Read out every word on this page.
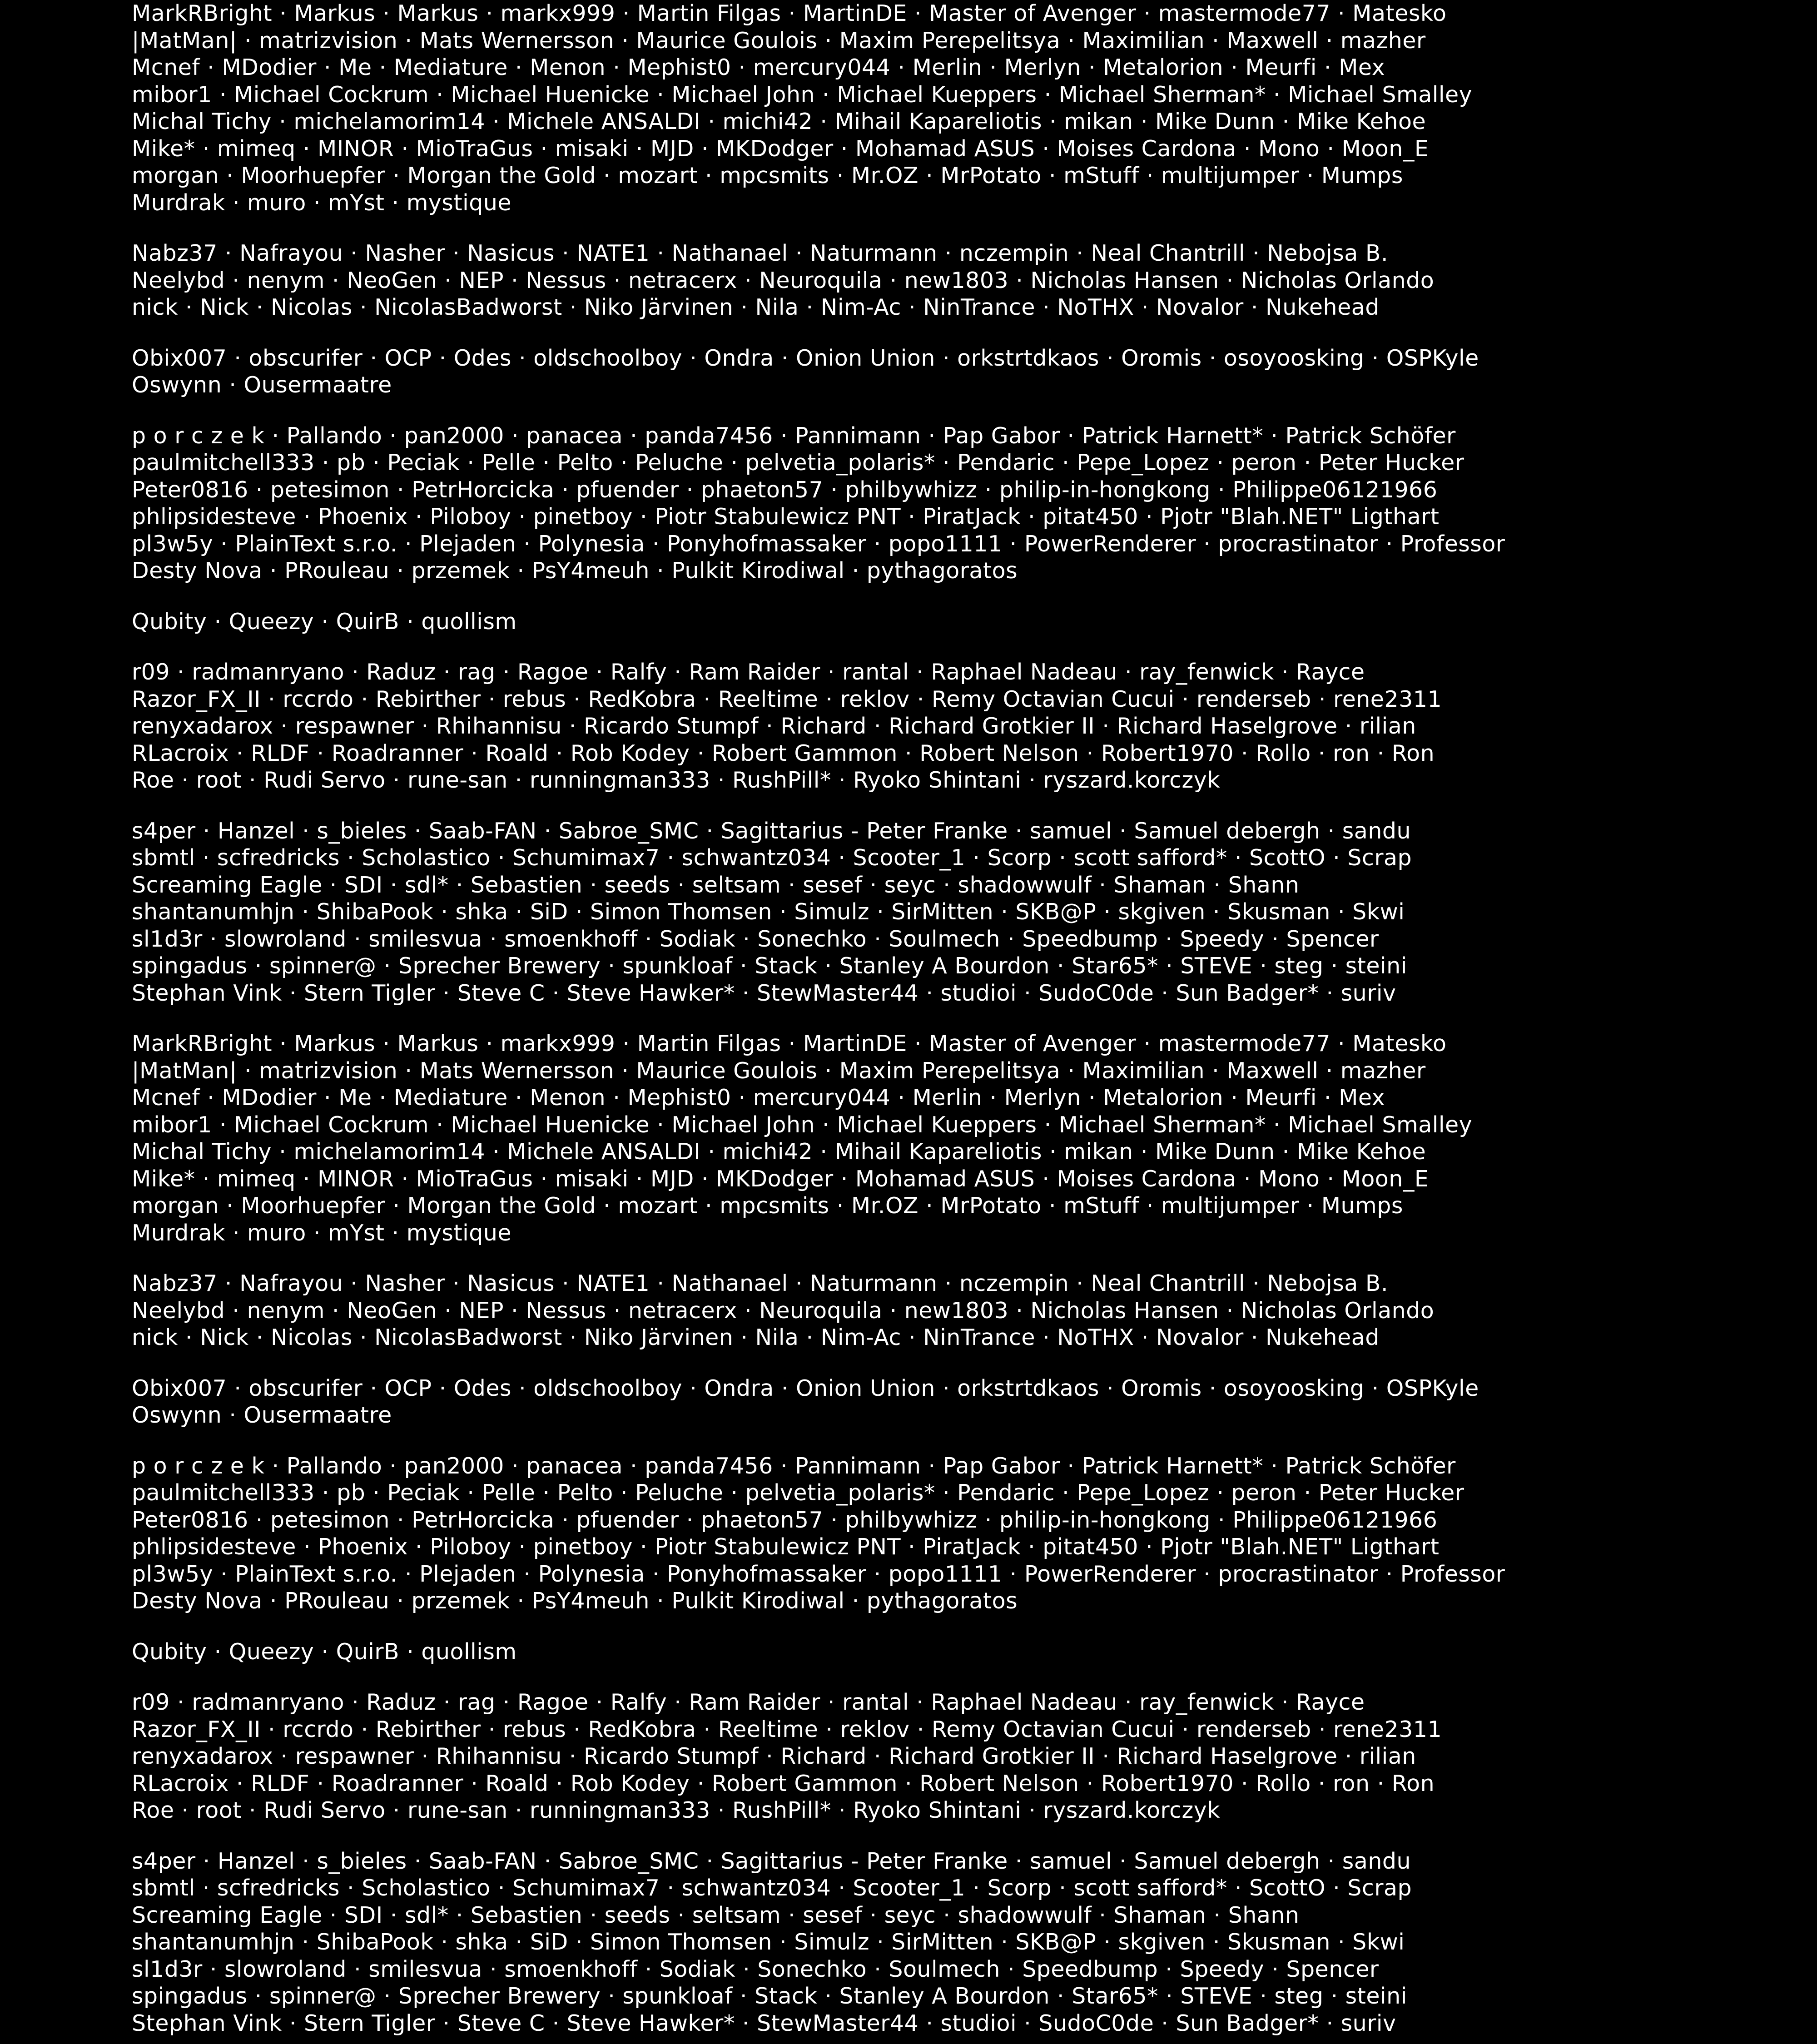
MarkRBright · Markus · Markus · markx999 · Martin Filgas · MartinDE · Master of Avenger · mastermode77 · Matesko
|MatMan| · matrizvision · Mats Wernersson · Maurice Goulois · Maxim Perepelitsya · Maximilian · Maxwell · mazher
Mcnef · MDodier · Me · Mediature · Menon · Mephist0 · mercury044 · Merlin · Merlyn · Metalorion · Meurfi · Mex
mibor1 · Michael Cockrum · Michael Huenicke · Michael John · Michael Kueppers · Michael Sherman* · Michael Smalley
Michal Tichy · michelamorim14 · Michele ANSALDI · michi42 · Mihail Kapareliotis · mikan · Mike Dunn · Mike Kehoe
Mike* · mimeq · MINOR · MioTraGus · misaki · MJD · MKDodger · Mohamad ASUS · Moises Cardona · Mono · Moon_E
morgan · Moorhuepfer · Morgan the Gold · mozart · mpcsmits · Mr.OZ · MrPotato · mStuff · multijumper · Mumps
Murdrak · muro · mYst · mystique
Nabz37 · Nafrayou · Nasher · Nasicus · NATE1 · Nathanael · Naturmann · nczempin · Neal Chantrill · Nebojsa B.
Neelybd · nenym · NeoGen · NEP · Nessus · netracerx · Neuroquila · new1803 · Nicholas Hansen · Nicholas Orlando
nick · Nick · Nicolas · NicolasBadworst · Niko Järvinen · Nila · Nim-Ac · NinTrance · NoTHX · Novalor · Nukehead
Obix007 · obscurifer · OCP · Odes · oldschoolboy · Ondra · Onion Union · orkstrtdkaos · Oromis · osoyoosking · OSPKyle
Oswynn · Ousermaatre
p o r c z e k · Pallando · pan2000 · panacea · panda7456 · Pannimann · Pap Gabor · Patrick Harnett* · Patrick Schöfer
paulmitchell333 · pb · Peciak · Pelle · Pelto · Peluche · pelvetia_polaris* · Pendaric · Pepe_Lopez · peron · Peter Hucker
Peter0816 · petesimon · PetrHorcicka · pfuender · phaeton57 · philbywhizz · philip-in-hongkong · Philippe06121966
phlipsidesteve · Phoenix · Piloboy · pinetboy · Piotr Stabulewicz PNT · PiratJack · pitat450 · Pjotr "Blah.NET" Ligthart
pl3w5y · PlainText s.r.o. · Plejaden · Polynesia · Ponyhofmassaker · popo1111 · PowerRenderer · procrastinator · Professor
Desty Nova · PRouleau · przemek · PsY4meuh · Pulkit Kirodiwal · pythagoratos
Qubity · Queezy · QuirB · quollism
r09 · radmanryano · Raduz · rag · Ragoe · Ralfy · Ram Raider · rantal · Raphael Nadeau · ray_fenwick · Rayce
Razor_FX_II · rccrdo · Rebirther · rebus · RedKobra · Reeltime · reklov · Remy Octavian Cucui · renderseb · rene2311
renyxadarox · respawner · Rhihannisu · Ricardo Stumpf · Richard · Richard Grotkier II · Richard Haselgrove · rilian
RLacroix · RLDF · Roadranner · Roald · Rob Kodey · Robert Gammon · Robert Nelson · Robert1970 · Rollo · ron · Ron
Roe · root · Rudi Servo · rune-san · runningman333 · RushPill* · Ryoko Shintani · ryszard.korczyk
s4per · Hanzel · s_bieles · Saab-FAN · Sabroe_SMC · Sagittarius - Peter Franke · samuel · Samuel debergh · sandu
sbmtl · scfredricks · Scholastico · Schumimax7 · schwantz034 · Scooter_1 · Scorp · scott safford* · ScottO · Scrap
Screaming Eagle · SDI · sdl* · Sebastien · seeds · seltsam · sesef · seyc · shadowwulf · Shaman · Shann
shantanumhjn · ShibaPook · shka · SiD · Simon Thomsen · Simulz · SirMitten · SKB@P · skgiven · Skusman · Skwi
sl1d3r · slowroland · smilesvua · smoenkhoff · Sodiak · Sonechko · Soulmech · Speedbump · Speedy · Spencer
spingadus · spinner@ · Sprecher Brewery · spunkloaf · Stack · Stanley A Bourdon · Star65* · STEVE · steg · steini
Stephan Vink · Stern Tigler · Steve C · Steve Hawker* · StewMaster44 · studioi · SudoC0de · Sun Badger* · suriv
MarkRBright · Markus · Markus · markx999 · Martin Filgas · MartinDE · Master of Avenger · mastermode77 · Matesko
|MatMan| · matrizvision · Mats Wernersson · Maurice Goulois · Maxim Perepelitsya · Maximilian · Maxwell · mazher
Mcnef · MDodier · Me · Mediature · Menon · Mephist0 · mercury044 · Merlin · Merlyn · Metalorion · Meurfi · Mex
mibor1 · Michael Cockrum · Michael Huenicke · Michael John · Michael Kueppers · Michael Sherman* · Michael Smalley
Michal Tichy · michelamorim14 · Michele ANSALDI · michi42 · Mihail Kapareliotis · mikan · Mike Dunn · Mike Kehoe
Mike* · mimeq · MINOR · MioTraGus · misaki · MJD · MKDodger · Mohamad ASUS · Moises Cardona · Mono · Moon_E
morgan · Moorhuepfer · Morgan the Gold · mozart · mpcsmits · Mr.OZ · MrPotato · mStuff · multijumper · Mumps
Murdrak · muro · mYst · mystique
Nabz37 · Nafrayou · Nasher · Nasicus · NATE1 · Nathanael · Naturmann · nczempin · Neal Chantrill · Nebojsa B.
Neelybd · nenym · NeoGen · NEP · Nessus · netracerx · Neuroquila · new1803 · Nicholas Hansen · Nicholas Orlando
nick · Nick · Nicolas · NicolasBadworst · Niko Järvinen · Nila · Nim-Ac · NinTrance · NoTHX · Novalor · Nukehead
Obix007 · obscurifer · OCP · Odes · oldschoolboy · Ondra · Onion Union · orkstrtdkaos · Oromis · osoyoosking · OSPKyle
Oswynn · Ousermaatre
p o r c z e k · Pallando · pan2000 · panacea · panda7456 · Pannimann · Pap Gabor · Patrick Harnett* · Patrick Schöfer
paulmitchell333 · pb · Peciak · Pelle · Pelto · Peluche · pelvetia_polaris* · Pendaric · Pepe_Lopez · peron · Peter Hucker
Peter0816 · petesimon · PetrHorcicka · pfuender · phaeton57 · philbywhizz · philip-in-hongkong · Philippe06121966
phlipsidesteve · Phoenix · Piloboy · pinetboy · Piotr Stabulewicz PNT · PiratJack · pitat450 · Pjotr "Blah.NET" Ligthart
pl3w5y · PlainText s.r.o. · Plejaden · Polynesia · Ponyhofmassaker · popo1111 · PowerRenderer · procrastinator · Professor
Desty Nova · PRouleau · przemek · PsY4meuh · Pulkit Kirodiwal · pythagoratos
Qubity · Queezy · QuirB · quollism
r09 · radmanryano · Raduz · rag · Ragoe · Ralfy · Ram Raider · rantal · Raphael Nadeau · ray_fenwick · Rayce
Razor_FX_II · rccrdo · Rebirther · rebus · RedKobra · Reeltime · reklov · Remy Octavian Cucui · renderseb · rene2311
renyxadarox · respawner · Rhihannisu · Ricardo Stumpf · Richard · Richard Grotkier II · Richard Haselgrove · rilian
RLacroix · RLDF · Roadranner · Roald · Rob Kodey · Robert Gammon · Robert Nelson · Robert1970 · Rollo · ron · Ron
Roe · root · Rudi Servo · rune-san · runningman333 · RushPill* · Ryoko Shintani · ryszard.korczyk
s4per · Hanzel · s_bieles · Saab-FAN · Sabroe_SMC · Sagittarius - Peter Franke · samuel · Samuel debergh · sandu
sbmtl · scfredricks · Scholastico · Schumimax7 · schwantz034 · Scooter_1 · Scorp · scott safford* · ScottO · Scrap
Screaming Eagle · SDI · sdl* · Sebastien · seeds · seltsam · sesef · seyc · shadowwulf · Shaman · Shann
shantanumhjn · ShibaPook · shka · SiD · Simon Thomsen · Simulz · SirMitten · SKB@P · skgiven · Skusman · Skwi
sl1d3r · slowroland · smilesvua · smoenkhoff · Sodiak · Sonechko · Soulmech · Speedbump · Speedy · Spencer
spingadus · spinner@ · Sprecher Brewery · spunkloaf · Stack · Stanley A Bourdon · Star65* · STEVE · steg · steini
Stephan Vink · Stern Tigler · Steve C · Steve Hawker* · StewMaster44 · studioi · SudoC0de · Sun Badger* · suriv
